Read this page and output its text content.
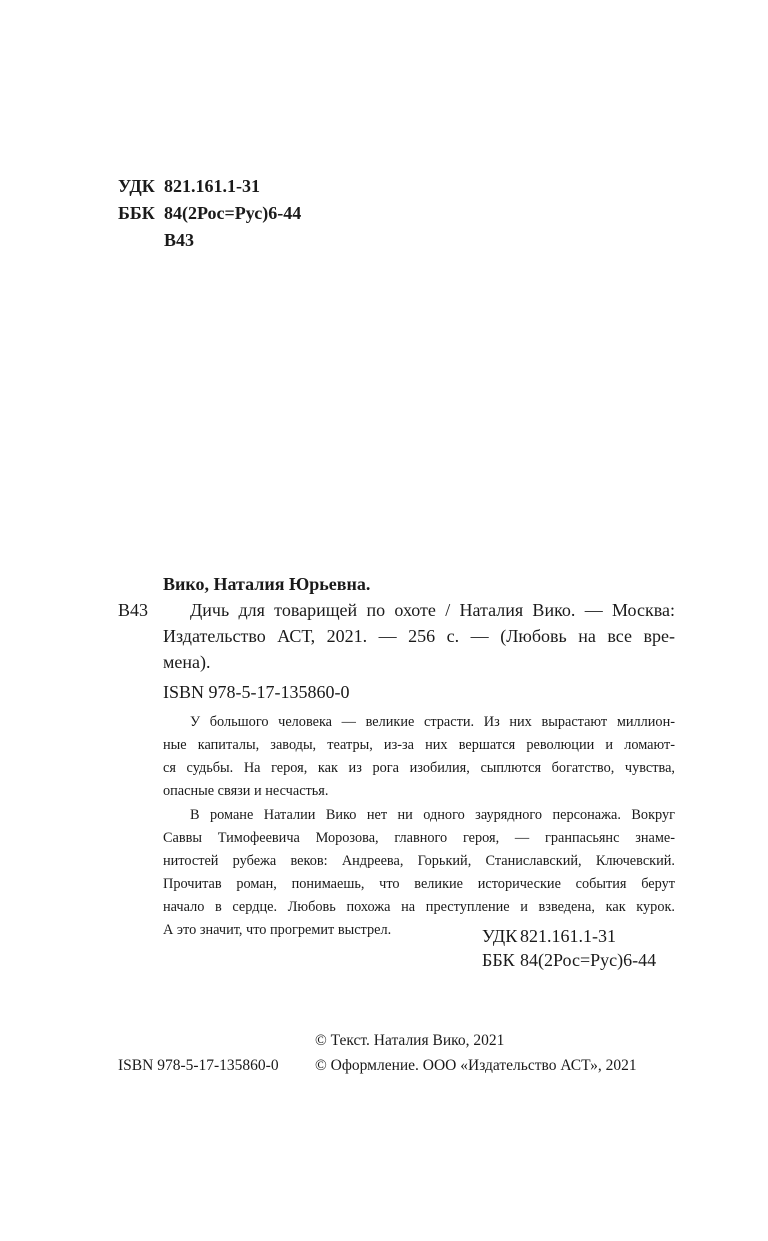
УДК 821.161.1-31
ББК 84(2Рос=Рус)6-44
В43
Вико, Наталия Юрьевна.
В43 Дичь для товарищей по охоте / Наталия Вико. — Москва:
Издательство АСТ, 2021. — 256 с. — (Любовь на все вре-
мена).
ISBN 978-5-17-135860-0
У большого человека — великие страсти. Из них вырастают миллион-
ные капиталы, заводы, театры, из-за них вершатся революции и ломают-
ся судьбы. На героя, как из рога изобилия, сыплются богатство, чувства,
опасные связи и несчастья.
В романе Наталии Вико нет ни одного заурядного персонажа. Вокруг
Саввы Тимофеевича Морозова, главного героя, — гранпасьянс знаме-
нитостей рубежа веков: Андреева, Горький, Станиславский, Ключевский.
Прочитав роман, понимаешь, что великие исторические события берут
начало в сердце. Любовь похожа на преступление и взведена, как курок.
А это значит, что прогремит выстрел.	УДК 821.161.1-31
ББК 84(2Рос=Рус)6-44
© Текст. Наталия Вико, 2021
ISBN 978-5-17-135860-0 © Оформление. ООО «Издательство АСТ», 2021
